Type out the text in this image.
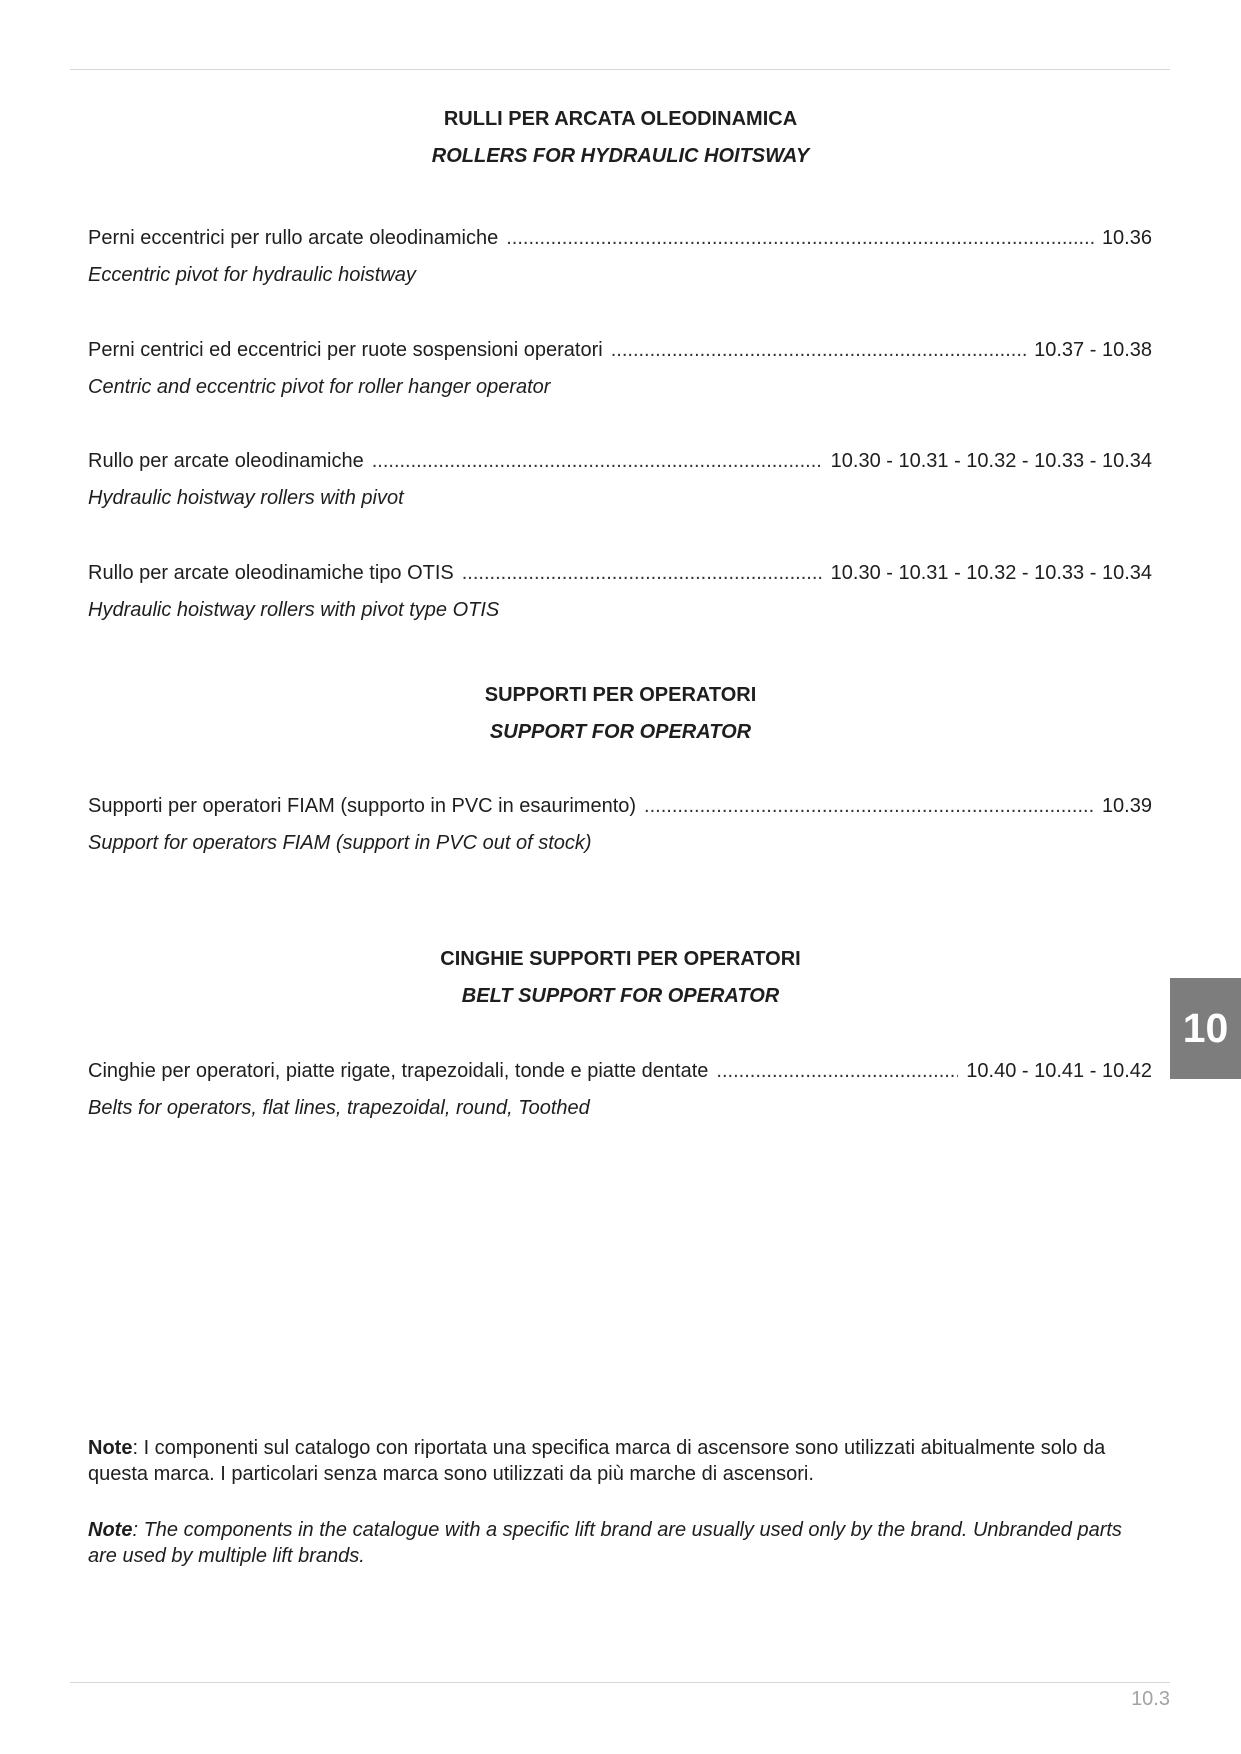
RULLI PER ARCATA OLEODINAMICA
ROLLERS FOR HYDRAULIC HOITSWAY
Perni eccentrici per rullo arcate oleodinamiche .....	10.36
Eccentric pivot for hydraulic hoistway
Perni centrici ed eccentrici per ruote sospensioni operatori .....	10.37 - 10.38
Centric and eccentric pivot for roller hanger operator
Rullo per arcate oleodinamiche .....	10.30 - 10.31 - 10.32 - 10.33 - 10.34
Hydraulic hoistway rollers with pivot
Rullo per arcate oleodinamiche tipo OTIS .....	10.30 - 10.31 - 10.32 - 10.33 - 10.34
Hydraulic hoistway rollers with pivot type OTIS
SUPPORTI PER OPERATORI
SUPPORT FOR OPERATOR
Supporti per operatori FIAM (supporto in PVC in esaurimento) .....	10.39
Support for operators FIAM (support in PVC out of stock)
CINGHIE SUPPORTI PER OPERATORI
BELT SUPPORT FOR OPERATOR
Cinghie per operatori, piatte rigate, trapezoidali, tonde e piatte dentate .....	10.40 - 10.41 - 10.42
Belts for operators, flat lines, trapezoidal, round, Toothed
10
Note: I componenti sul catalogo con riportata una specifica marca di ascensore sono utilizzati abitualmente solo da questa marca. I particolari senza marca sono utilizzati da più marche di ascensori.
Note: The components in the catalogue with a specific lift brand are usually used only by the brand. Unbranded parts are used by multiple lift brands.
10.3
